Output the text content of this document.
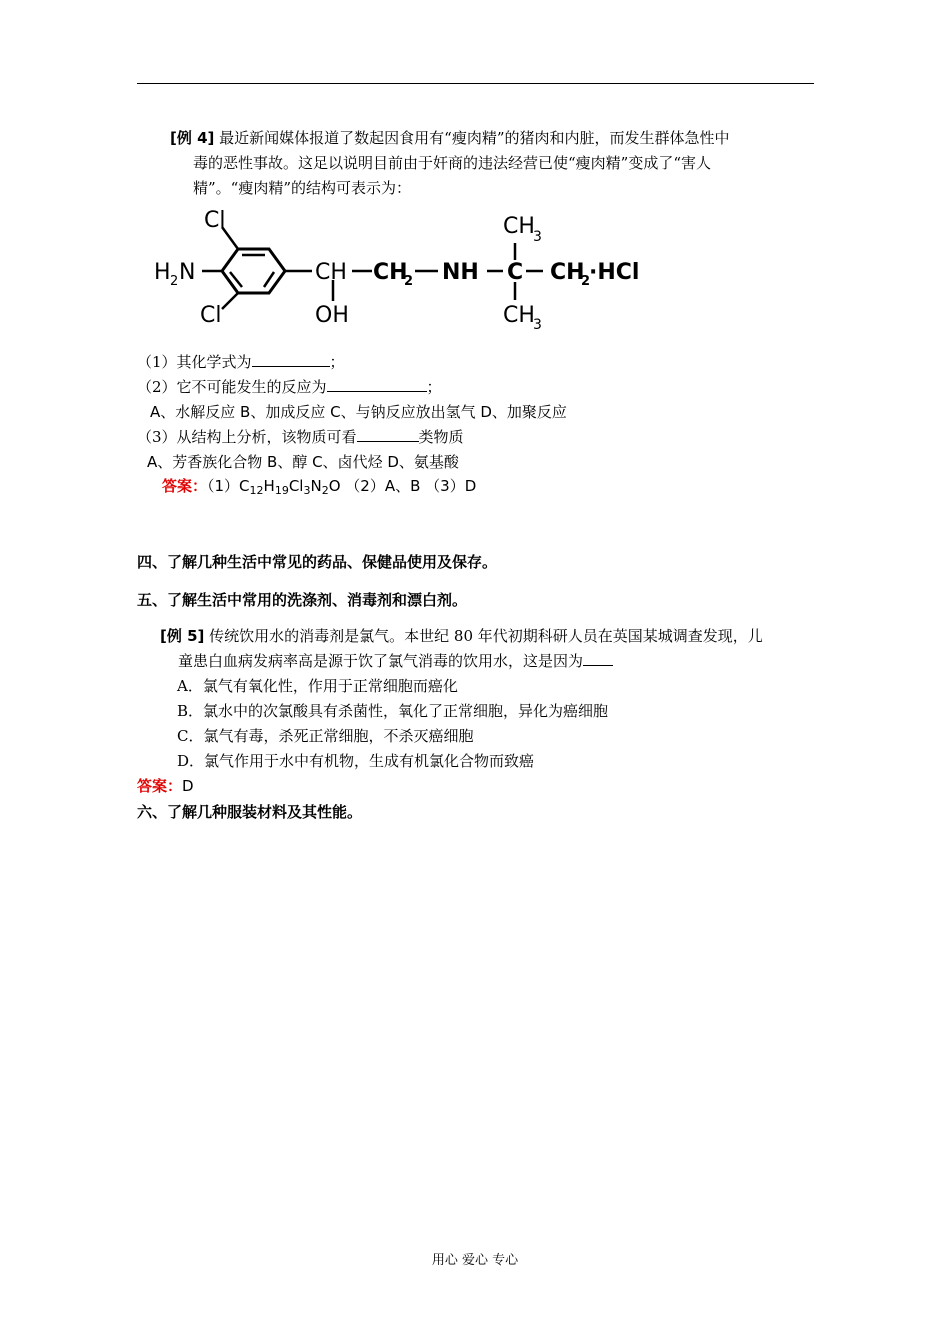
[例 4] 最近新闻媒体报道了数起因食用有“瘦肉精”的猪肉和内脏，而发生群体急性中
毒的恶性事故。这足以说明目前由于奸商的违法经营已使“瘦肉精”变成了“害人
精”。“瘦肉精”的结构可表示为：
Cl
Cl
H 2 N	CH
OH
CH
2 NH C
CH
3
CH
3
CH
2
·HCl
（1）其化学式为	；
（2）它不可能发生的反应为	；
A、水解反应 B、加成反应 C、与钠反应放出氢气 D、加聚反应
（3）从结构上分析，该物质可看	类物质
A、芳香族化合物 B、醇 C、卤代烃 D、氨基酸
答案：$(1)C_{12}H_{19}Cl_3N_2O$ （2）A、B （3）D
四、了解几种生活中常见的药品、保健品使用及保存。
五、了解生活中常用的洗涤剂、消毒剂和漂白剂。
[例 5] 传统饮用水的消毒剂是氯气。本世纪 80 年代初期科研人员在英国某城调查发现，儿
童患白血病发病率高是源于饮了氯气消毒的饮用水，这是因为
A．氯气有氧化性，作用于正常细胞而癌化
B．氯水中的次氯酸具有杀菌性，氧化了正常细胞，异化为癌细胞
C．氯气有毒，杀死正常细胞，不杀灭癌细胞
D．氯气作用于水中有机物，生成有机氯化合物而致癌
答案：D
六、了解几种服装材料及其性能。
用心 爱心 专心
